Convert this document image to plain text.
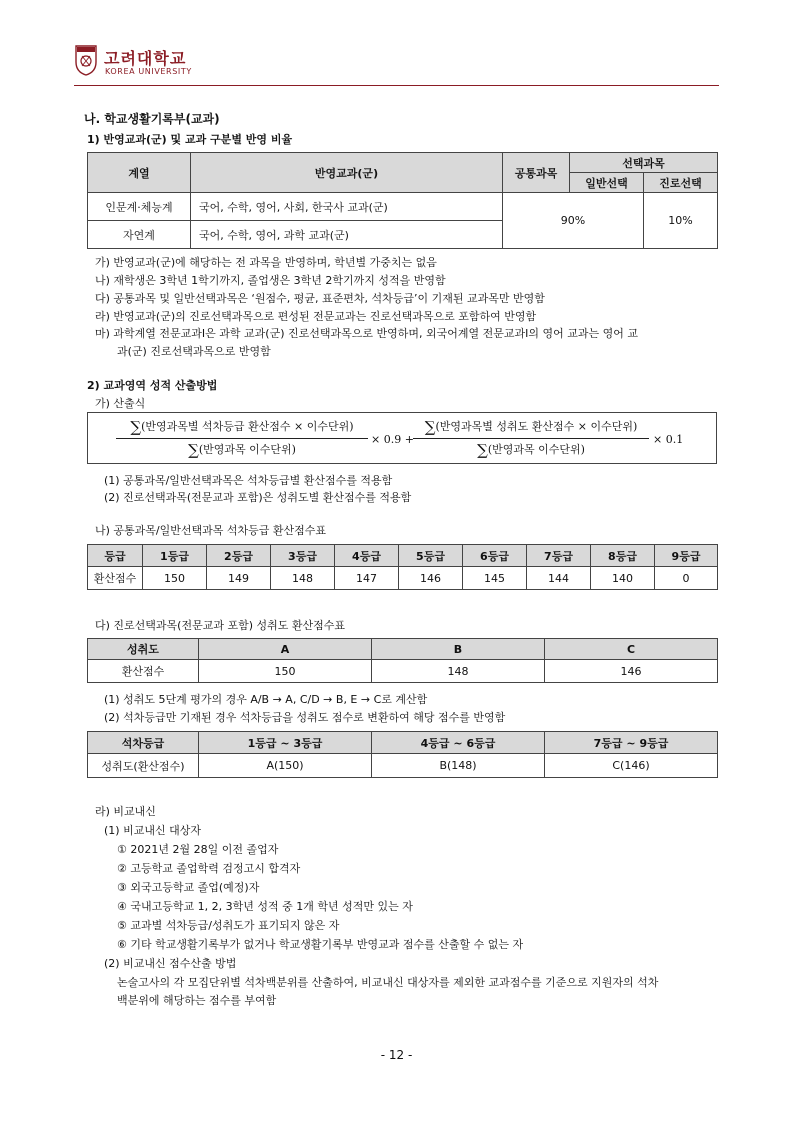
고려대학교
KOREA UNIVERSITY
나. 학교생활기록부(교과)
1) 반영교과(군) 및 교과 구분별 반영 비율
계열	반영교과(군)	공통과목	선택과목	
			일반선택	진로선택
인문계·체능계	국어, 수학, 영어, 사회, 한국사 교과(군)	90%		10%
자연계	국어, 수학, 영어, 과학 교과(군)			
가) 반영교과(군)에 해당하는 전 과목을 반영하며, 학년별 가중치는 없음
나) 재학생은 3학년 1학기까지, 졸업생은 3학년 2학기까지 성적을 반영함
다) 공통과목 및 일반선택과목은 ‘원점수, 평균, 표준편차, 석차등급’이 기재된 교과목만 반영함
라) 반영교과(군)의 진로선택과목으로 편성된 전문교과는 진로선택과목으로 포함하여 반영함
마) 과학계열 전문교과Ⅰ은 과학 교과(군) 진로선택과목으로 반영하며, 외국어계열 전문교과Ⅰ의 영어 교과는 영어 교
과(군) 진로선택과목으로 반영함
2) 교과영역 성적 산출방법
가) 산출식
∑(반영과목별 석차등급 환산점수 × 이수단위)
∑(반영과목 이수단위)
× 0.9 +
∑(반영과목별 성취도 환산점수 × 이수단위)
∑(반영과목 이수단위)
× 0.1
(1) 공통과목/일반선택과목은 석차등급별 환산점수를 적용함
(2) 진로선택과목(전문교과 포함)은 성취도별 환산점수를 적용함
나) 공통과목/일반선택과목 석차등급 환산점수표
등급	1등급	2등급	3등급	4등급	5등급	6등급	7등급	8등급	9등급
환산점수	150	149	148	147	146	145	144	140	0
다) 진로선택과목(전문교과 포함) 성취도 환산점수표
성취도	A	B	C
환산점수	150	148	146
(1) 성취도 5단계 평가의 경우 A/B → A, C/D → B, E → C로 계산함
(2) 석차등급만 기재된 경우 석차등급을 성취도 점수로 변환하여 해당 점수를 반영함
석차등급	1등급 ~ 3등급	4등급 ~ 6등급	7등급 ~ 9등급
성취도(환산점수)	A(150)	B(148)	C(146)
라) 비교내신
(1) 비교내신 대상자
① 2021년 2월 28일 이전 졸업자
② 고등학교 졸업학력 검정고시 합격자
③ 외국고등학교 졸업(예정)자
④ 국내고등학교 1, 2, 3학년 성적 중 1개 학년 성적만 있는 자
⑤ 교과별 석차등급/성취도가 표기되지 않은 자
⑥ 기타 학교생활기록부가 없거나 학교생활기록부 반영교과 점수를 산출할 수 없는 자
(2) 비교내신 점수산출 방법
논술고사의 각 모집단위별 석차백분위를 산출하여, 비교내신 대상자를 제외한 교과점수를 기준으로 지원자의 석차
백분위에 해당하는 점수를 부여함
- 12 -
